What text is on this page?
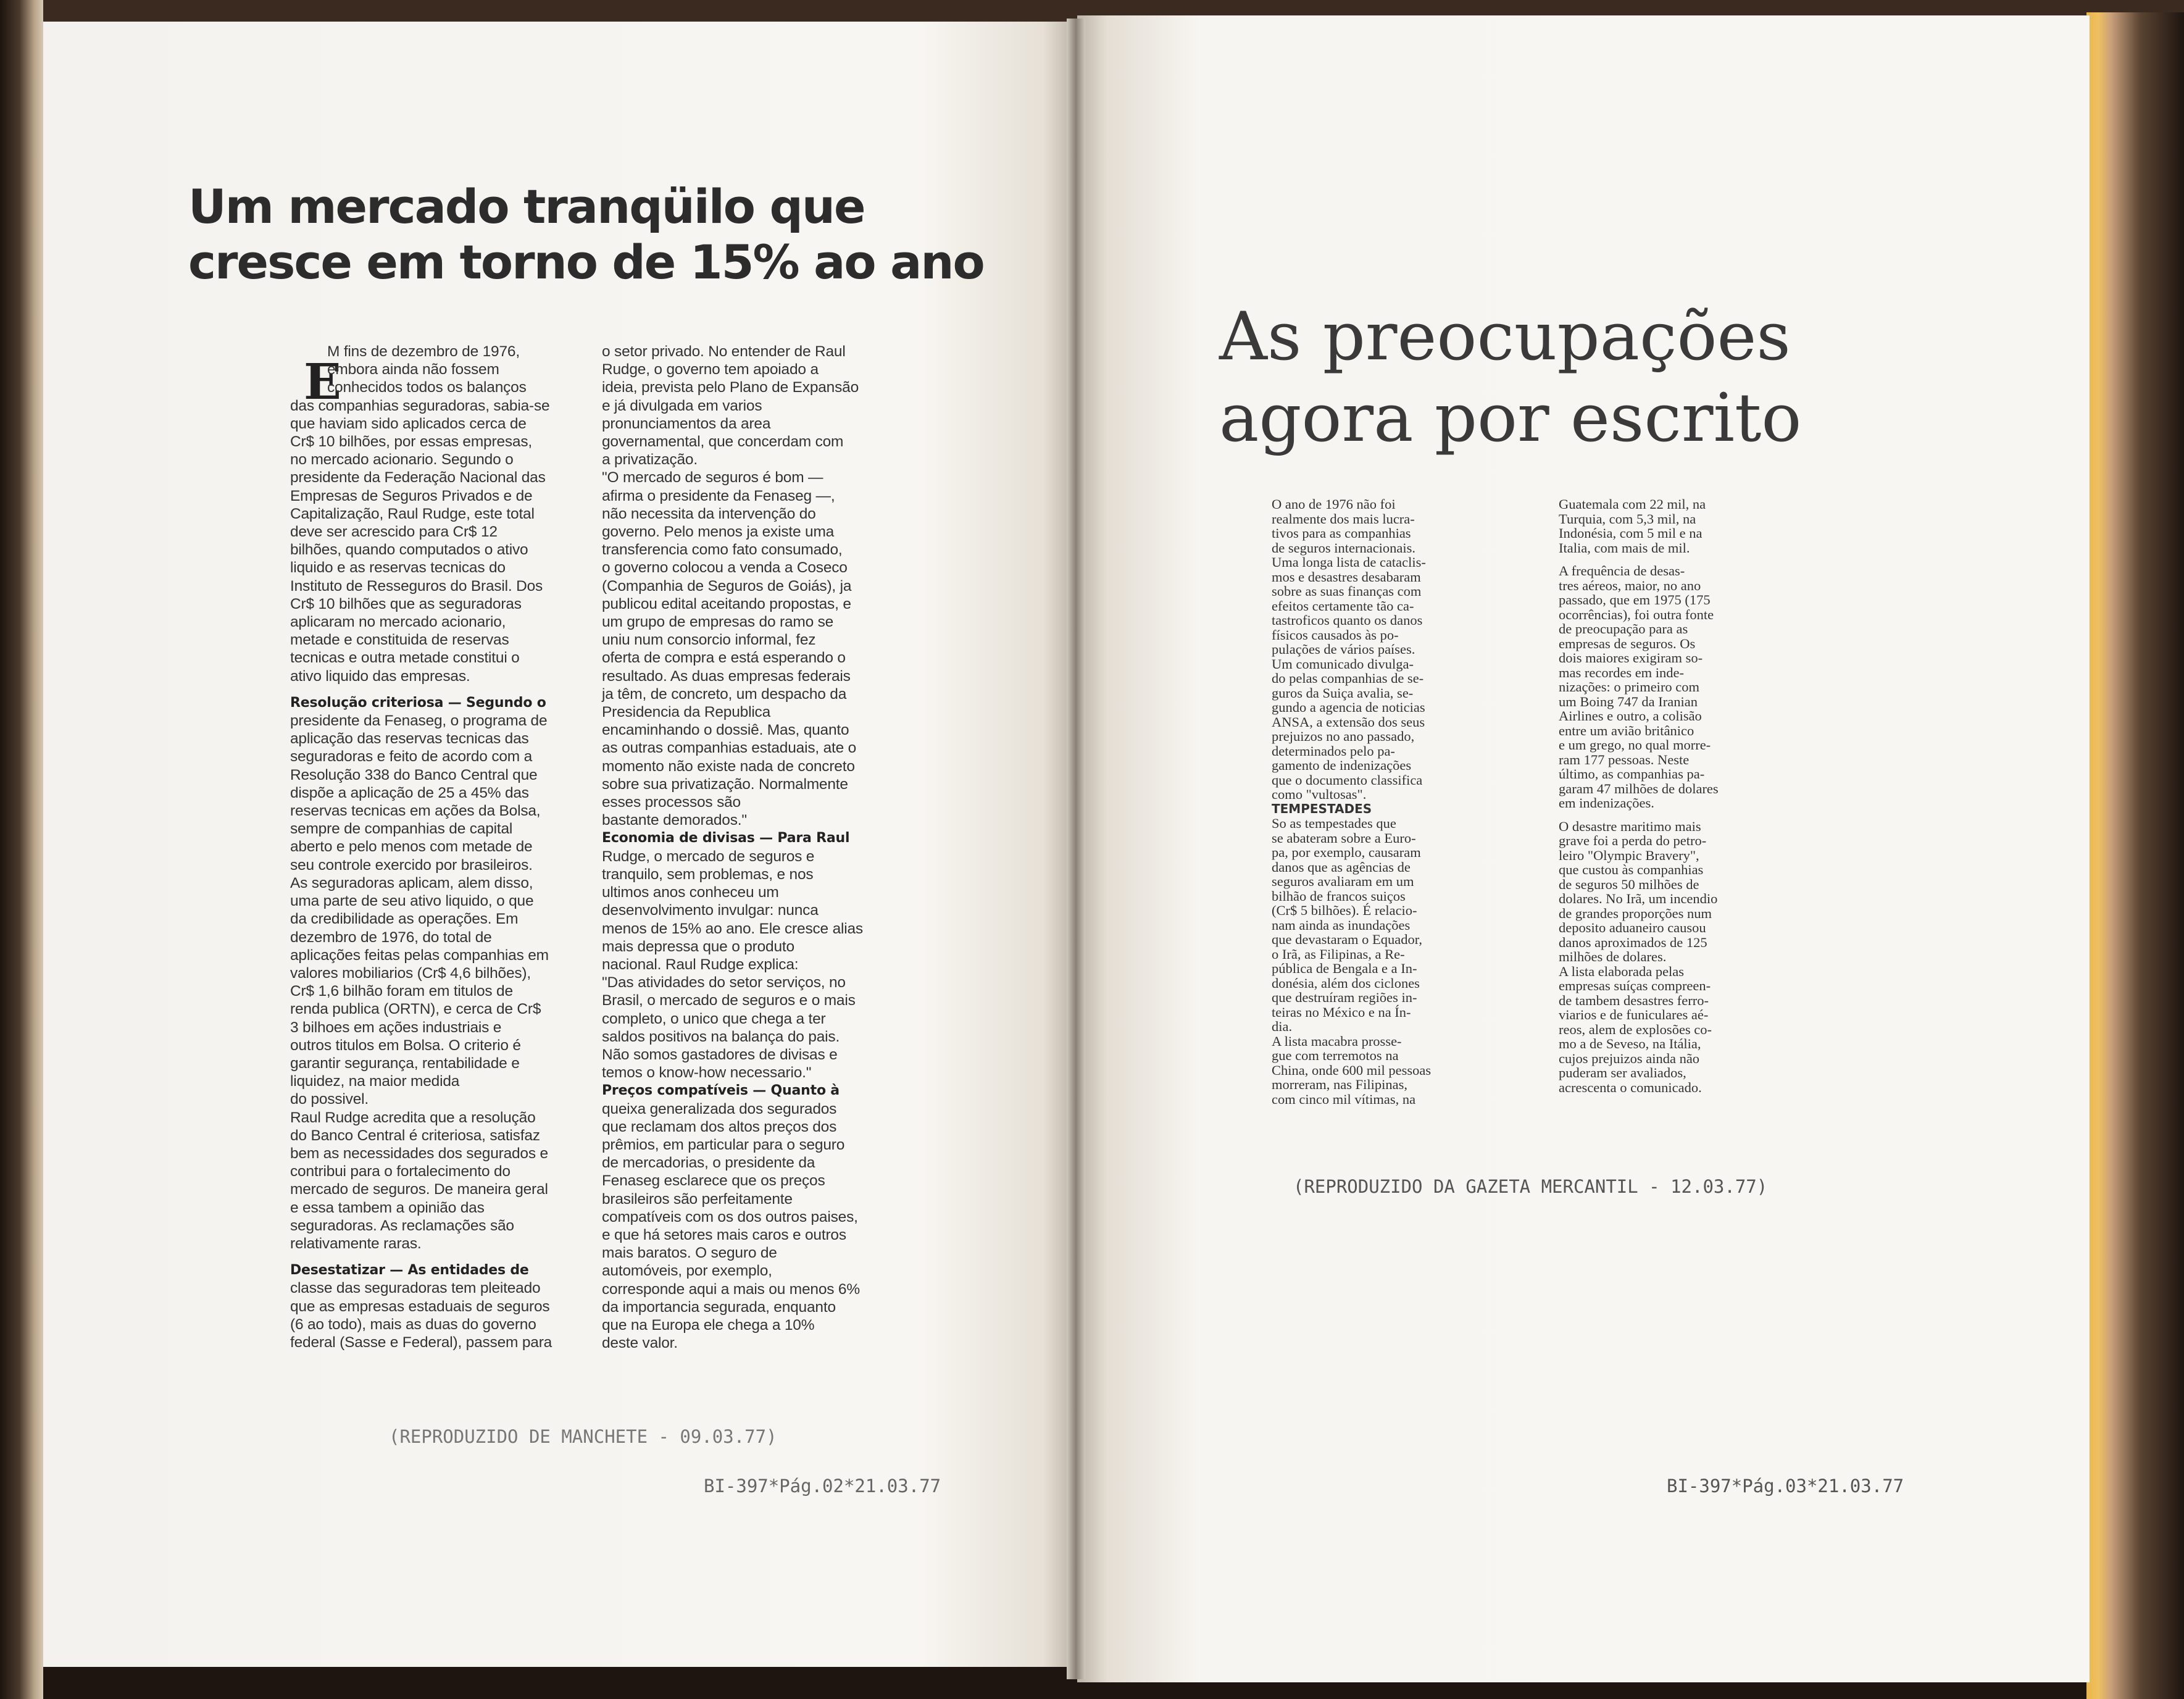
Um mercado tranqüilo que
cresce em torno de 15% ao ano
E
M fins de dezembro de 1976,
embora ainda não fossem
conhecidos todos os balanços
das companhias seguradoras, sabia-se
que haviam sido aplicados cerca de
Cr$ 10 bilhões, por essas empresas,
no mercado acionario. Segundo o
presidente da Federação Nacional das
Empresas de Seguros Privados e de
Capitalização, Raul Rudge, este total
deve ser acrescido para Cr$ 12
bilhões, quando computados o ativo
liquido e as reservas tecnicas do
Instituto de Resseguros do Brasil. Dos
Cr$ 10 bilhões que as seguradoras
aplicaram no mercado acionario,
metade e constituida de reservas
tecnicas e outra metade constitui o
ativo liquido das empresas.

Resolução criteriosa — Segundo o
presidente da Fenaseg, o programa de
aplicação das reservas tecnicas das
seguradoras e feito de acordo com a
Resolução 338 do Banco Central que
dispõe a aplicação de 25 a 45% das
reservas tecnicas em ações da Bolsa,
sempre de companhias de capital
aberto e pelo menos com metade de
seu controle exercido por brasileiros.
As seguradoras aplicam, alem disso,
uma parte de seu ativo liquido, o que
da credibilidade as operações. Em
dezembro de 1976, do total de
aplicações feitas pelas companhias em
valores mobiliarios (Cr$ 4,6 bilhões),
Cr$ 1,6 bilhão foram em titulos de
renda publica (ORTN), e cerca de Cr$
3 bilhoes em ações industriais e
outros titulos em Bolsa. O criterio é
garantir segurança, rentabilidade e
liquidez, na maior medida
do possivel.
Raul Rudge acredita que a resolução
do Banco Central é criteriosa, satisfaz
bem as necessidades dos segurados e
contribui para o fortalecimento do
mercado de seguros. De maneira geral
e essa tambem a opinião das
seguradoras. As reclamações são
relativamente raras.

Desestatizar — As entidades de
classe das seguradoras tem pleiteado
que as empresas estaduais de seguros
(6 ao todo), mais as duas do governo
federal (Sasse e Federal), passem para
o setor privado. No entender de Raul
Rudge, o governo tem apoiado a
ideia, prevista pelo Plano de Expansão
e já divulgada em varios
pronunciamentos da area
governamental, que concerdam com
a privatização.
"O mercado de seguros é bom —
afirma o presidente da Fenaseg —,
não necessita da intervenção do
governo. Pelo menos ja existe uma
transferencia como fato consumado,
o governo colocou a venda a Coseco
(Companhia de Seguros de Goiás), ja
publicou edital aceitando propostas, e
um grupo de empresas do ramo se
uniu num consorcio informal, fez
oferta de compra e está esperando o
resultado. As duas empresas federais
ja têm, de concreto, um despacho da
Presidencia da Republica
encaminhando o dossiê. Mas, quanto
as outras companhias estaduais, ate o
momento não existe nada de concreto
sobre sua privatização. Normalmente
esses processos são
bastante demorados."
Economia de divisas — Para Raul
Rudge, o mercado de seguros e
tranquilo, sem problemas, e nos
ultimos anos conheceu um
desenvolvimento invulgar: nunca
menos de 15% ao ano. Ele cresce alias
mais depressa que o produto
nacional. Raul Rudge explica:
"Das atividades do setor serviços, no
Brasil, o mercado de seguros e o mais
completo, o unico que chega a ter
saldos positivos na balança do pais.
Não somos gastadores de divisas e
temos o know-how necessario."
Preços compatíveis — Quanto à
queixa generalizada dos segurados
que reclamam dos altos preços dos
prêmios, em particular para o seguro
de mercadorias, o presidente da
Fenaseg esclarece que os preços
brasileiros são perfeitamente
compatíveis com os dos outros paises,
e que há setores mais caros e outros
mais baratos. O seguro de
automóveis, por exemplo,
corresponde aqui a mais ou menos 6%
da importancia segurada, enquanto
que na Europa ele chega a 10%
deste valor.
(REPRODUZIDO DE MANCHETE - 09.03.77)
BI-397*Pág.02*21.03.77
As preocupações
agora por escrito
O ano de 1976 não foi
realmente dos mais lucra-
tivos para as companhias
de seguros internacionais.
Uma longa lista de cataclis-
mos e desastres desabaram
sobre as suas finanças com
efeitos certamente tão ca-
tastroficos quanto os danos
físicos causados às po-
pulações de vários países.
Um comunicado divulga-
do pelas companhias de se-
guros da Suiça avalia, se-
gundo a agencia de noticias
ANSA, a extensão dos seus
prejuizos no ano passado,
determinados pelo pa-
gamento de indenizações
que o documento classifica
como "vultosas".
TEMPESTADES
So as tempestades que
se abateram sobre a Euro-
pa, por exemplo, causaram
danos que as agências de
seguros avaliaram em um
bilhão de francos suiços
(Cr$ 5 bilhões). É relacio-
nam ainda as inundações
que devastaram o Equador,
o Irã, as Filipinas, a Re-
pública de Bengala e a In-
donésia, além dos ciclones
que destruíram regiões in-
teiras no México e na Ín-
dia.
A lista macabra prosse-
gue com terremotos na
China, onde 600 mil pessoas
morreram, nas Filipinas,
com cinco mil vítimas, na
Guatemala com 22 mil, na
Turquia, com 5,3 mil, na
Indonésia, com 5 mil e na
Italia, com mais de mil.

A frequência de desas-
tres aéreos, maior, no ano
passado, que em 1975 (175
ocorrências), foi outra fonte
de preocupação para as
empresas de seguros. Os
dois maiores exigiram so-
mas recordes em inde-
nizações: o primeiro com
um Boing 747 da Iranian
Airlines e outro, a colisão
entre um avião britânico
e um grego, no qual morre-
ram 177 pessoas. Neste
último, as companhias pa-
garam 47 milhões de dolares
em indenizações.

O desastre maritimo mais
grave foi a perda do petro-
leiro "Olympic Bravery",
que custou às companhias
de seguros 50 milhões de
dolares. No Irã, um incendio
de grandes proporções num
deposito aduaneiro causou
danos aproximados de 125
milhões de dolares.
A lista elaborada pelas
empresas suíças compreen-
de tambem desastres ferro-
viarios e de funiculares aé-
reos, alem de explosões co-
mo a de Seveso, na Itália,
cujos prejuizos ainda não
puderam ser avaliados,
acrescenta o comunicado.
(REPRODUZIDO DA GAZETA MERCANTIL - 12.03.77)
BI-397*Pág.03*21.03.77
